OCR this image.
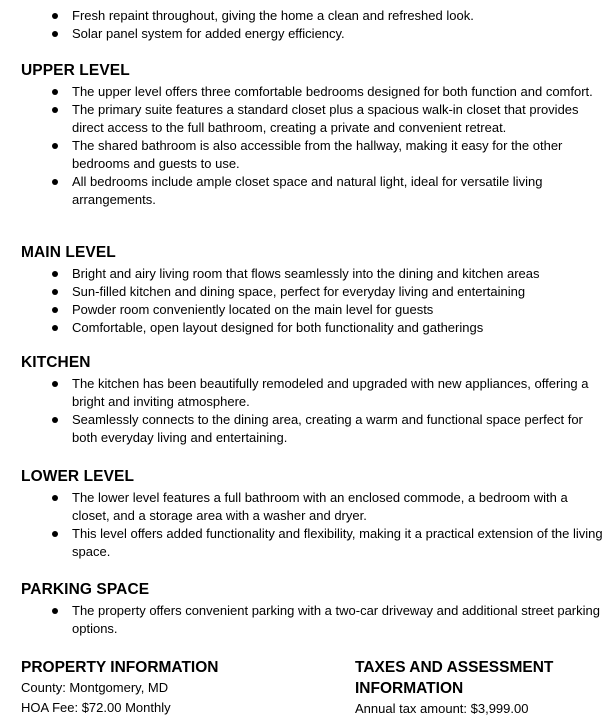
Fresh repaint throughout, giving the home a clean and refreshed look.
Solar panel system for added energy efficiency.
UPPER LEVEL
The upper level offers three comfortable bedrooms designed for both function and comfort.
The primary suite features a standard closet plus a spacious walk-in closet that provides direct access to the full bathroom, creating a private and convenient retreat.
The shared bathroom is also accessible from the hallway, making it easy for the other bedrooms and guests to use.
All bedrooms include ample closet space and natural light, ideal for versatile living arrangements.
MAIN LEVEL
Bright and airy living room that flows seamlessly into the dining and kitchen areas
Sun-filled kitchen and dining space, perfect for everyday living and entertaining
Powder room conveniently located on the main level for guests
Comfortable, open layout designed for both functionality and gatherings
KITCHEN
The kitchen has been beautifully remodeled and upgraded with new appliances, offering a bright and inviting atmosphere.
Seamlessly connects to the dining area, creating a warm and functional space perfect for both everyday living and entertaining.
LOWER LEVEL
The lower level features a full bathroom with an enclosed commode, a bedroom with a closet, and a storage area with a washer and dryer.
This level offers added functionality and flexibility, making it a practical extension of the living space.
PARKING SPACE
The property offers convenient parking with a two-car driveway and additional street parking options.
PROPERTY INFORMATION
County: Montgomery, MD
HOA Fee: $72.00 Monthly
TAXES AND ASSESSMENT INFORMATION
Annual tax amount: $3,999.00
